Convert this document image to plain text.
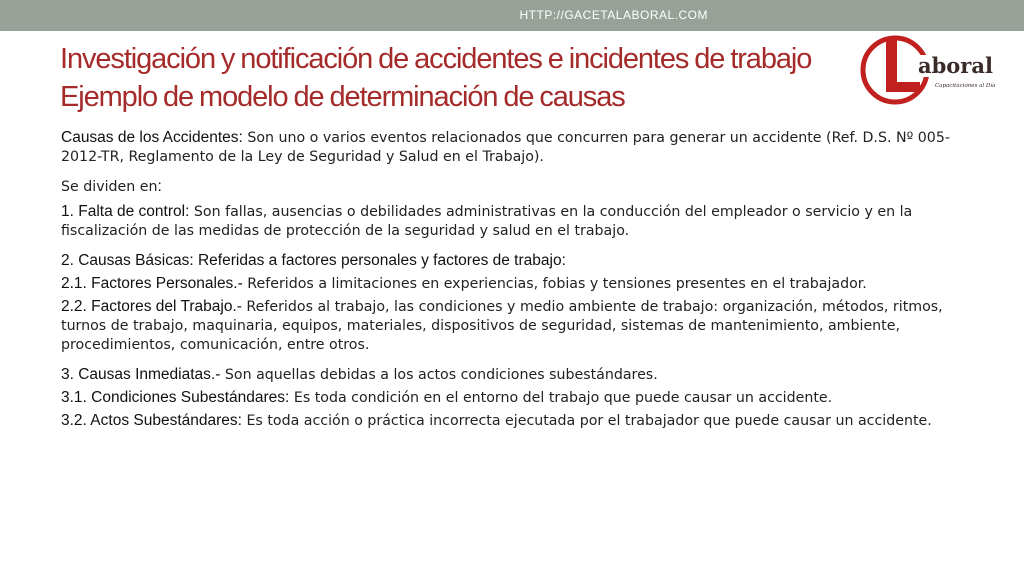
HTTP://GACETALABORAL.COM
Investigación y notificación de accidentes e incidentes de trabajo
Ejemplo de modelo de determinación de causas
aboral
Capacitaciones al Día

Causas de los Accidentes: Son uno o varios eventos relacionados que concurren para generar un accidente (Ref. D.S. Nº 005-2012-TR, Reglamento de la Ley de Seguridad y Salud en el Trabajo).

Se dividen en:

1. Falta de control: Son fallas, ausencias o debilidades administrativas en la conducción del empleador o servicio y en la fiscalización de las medidas de protección de la seguridad y salud en el trabajo.

2. Causas Básicas: Referidas a factores personales y factores de trabajo:

2.1. Factores Personales.- Referidos a limitaciones en experiencias, fobias y tensiones presentes en el trabajador.

2.2. Factores del Trabajo.- Referidos al trabajo, las condiciones y medio ambiente de trabajo: organización, métodos, ritmos, turnos de trabajo, maquinaria, equipos, materiales, dispositivos de seguridad, sistemas de mantenimiento, ambiente, procedimientos, comunicación, entre otros.

3. Causas Inmediatas.- Son aquellas debidas a los actos condiciones subestándares.

3.1. Condiciones Subestándares: Es toda condición en el entorno del trabajo que puede causar un accidente.

3.2. Actos Subestándares: Es toda acción o práctica incorrecta ejecutada por el trabajador que puede causar un accidente.
